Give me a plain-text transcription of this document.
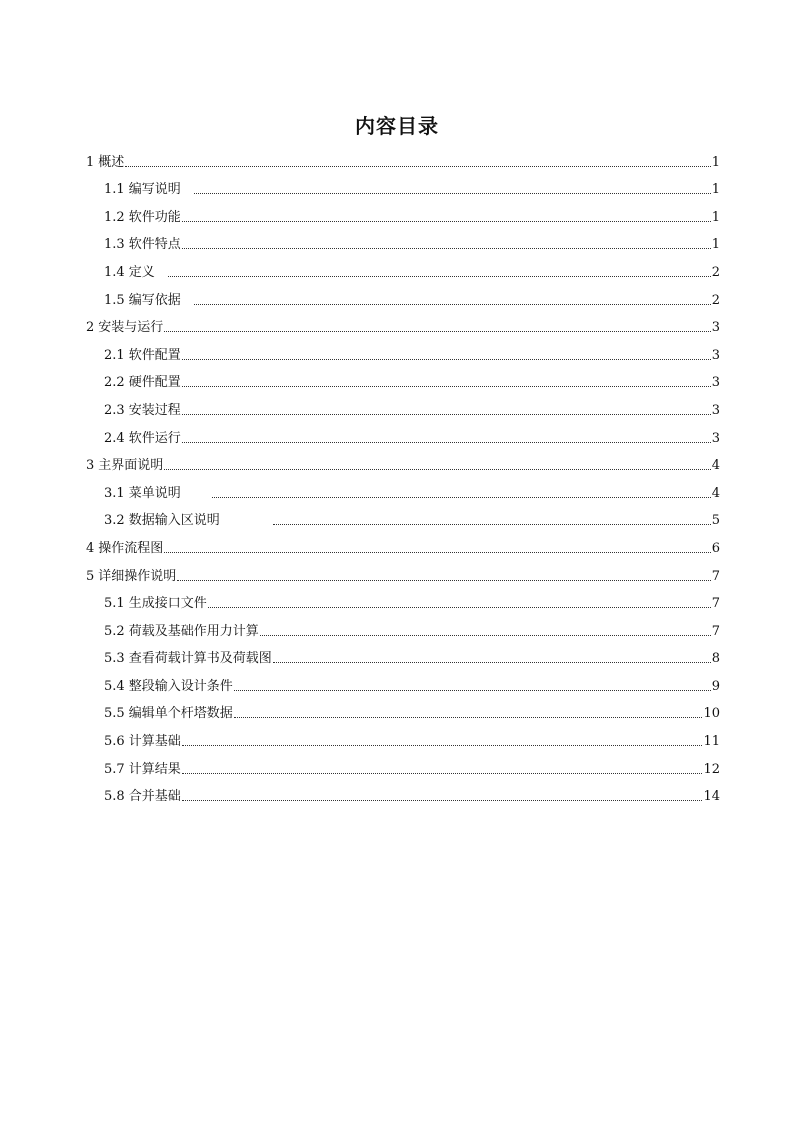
内容目录
1 概述	1
1.1 编写说明	1
1.2 软件功能	1
1.3 软件特点	1
1.4 定义	2
1.5 编写依据	2
2 安装与运行	3
2.1 软件配置	3
2.2 硬件配置	3
2.3 安装过程	3
2.4 软件运行	3
3 主界面说明	4
3.1 菜单说明	4
3.2 数据输入区说明	5
4 操作流程图	6
5 详细操作说明	7
5.1 生成接口文件	7
5.2 荷载及基础作用力计算	7
5.3 查看荷载计算书及荷载图	8
5.4 整段输入设计条件	9
5.5 编辑单个杆塔数据	10
5.6 计算基础	11
5.7 计算结果	12
5.8 合并基础	14
